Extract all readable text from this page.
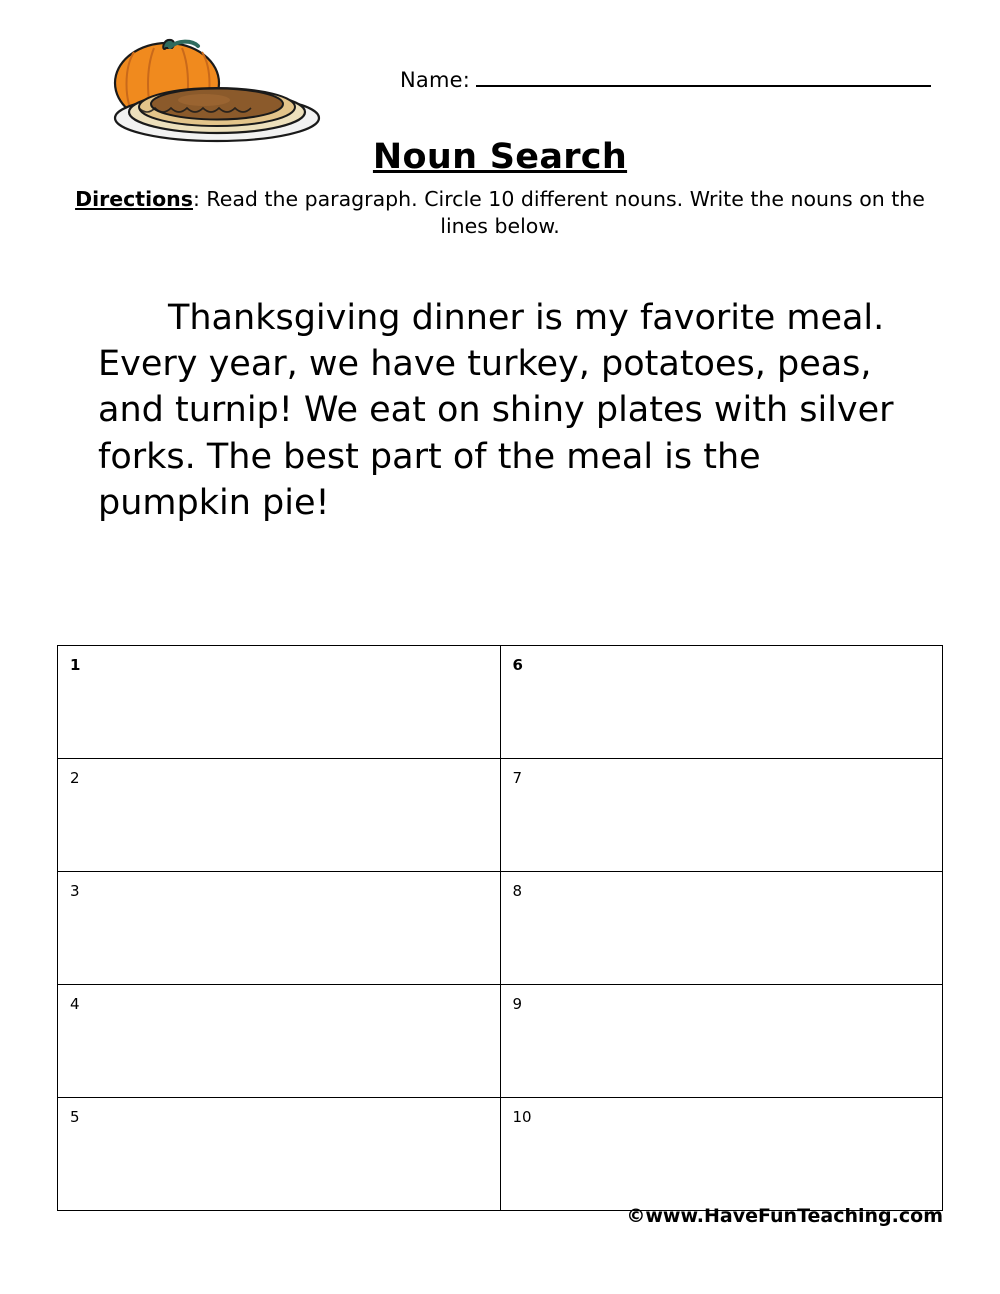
Name:
Noun Search
Directions: Read the paragraph. Circle 10 different nouns. Write the nouns on the lines below.
Thanksgiving dinner is my favorite meal. Every year, we have turkey, potatoes, peas, and turnip! We eat on shiny plates with silver forks. The best part of the meal is the pumpkin pie!
1	6
2	7
3	8
4	9
5	10
©www.HaveFunTeaching.com
